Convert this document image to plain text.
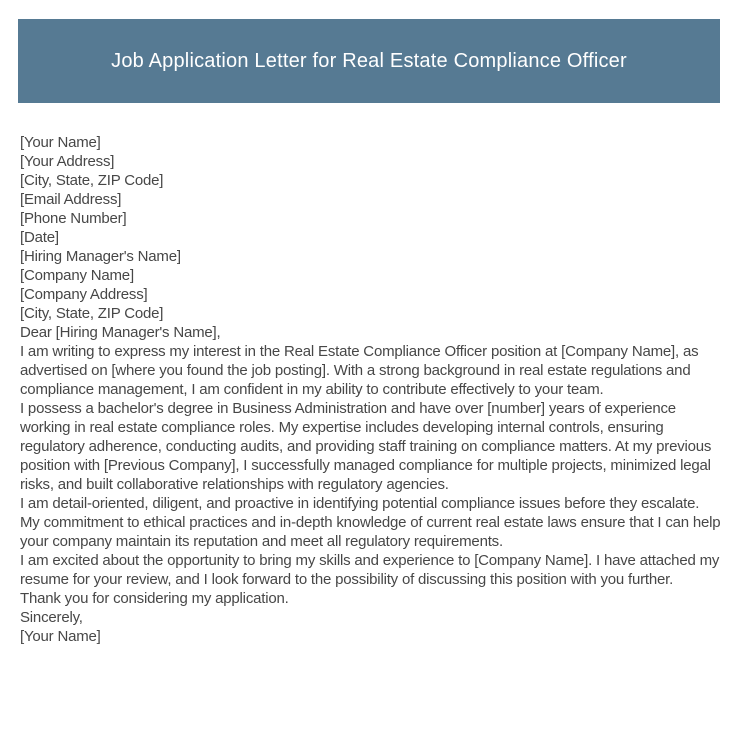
Job Application Letter for Real Estate Compliance Officer
[Your Name]
[Your Address]
[City, State, ZIP Code]
[Email Address]
[Phone Number]
[Date]
[Hiring Manager's Name]
[Company Name]
[Company Address]
[City, State, ZIP Code]
Dear [Hiring Manager's Name],

I am writing to express my interest in the Real Estate Compliance Officer position at [Company Name], as advertised on [where you found the job posting]. With a strong background in real estate regulations and compliance management, I am confident in my ability to contribute effectively to your team.

I possess a bachelor's degree in Business Administration and have over [number] years of experience working in real estate compliance roles. My expertise includes developing internal controls, ensuring regulatory adherence, conducting audits, and providing staff training on compliance matters. At my previous position with [Previous Company], I successfully managed compliance for multiple projects, minimized legal risks, and built collaborative relationships with regulatory agencies.

I am detail-oriented, diligent, and proactive in identifying potential compliance issues before they escalate. My commitment to ethical practices and in-depth knowledge of current real estate laws ensure that I can help your company maintain its reputation and meet all regulatory requirements.

I am excited about the opportunity to bring my skills and experience to [Company Name]. I have attached my resume for your review, and I look forward to the possibility of discussing this position with you further.

Thank you for considering my application.
Sincerely,
[Your Name]
